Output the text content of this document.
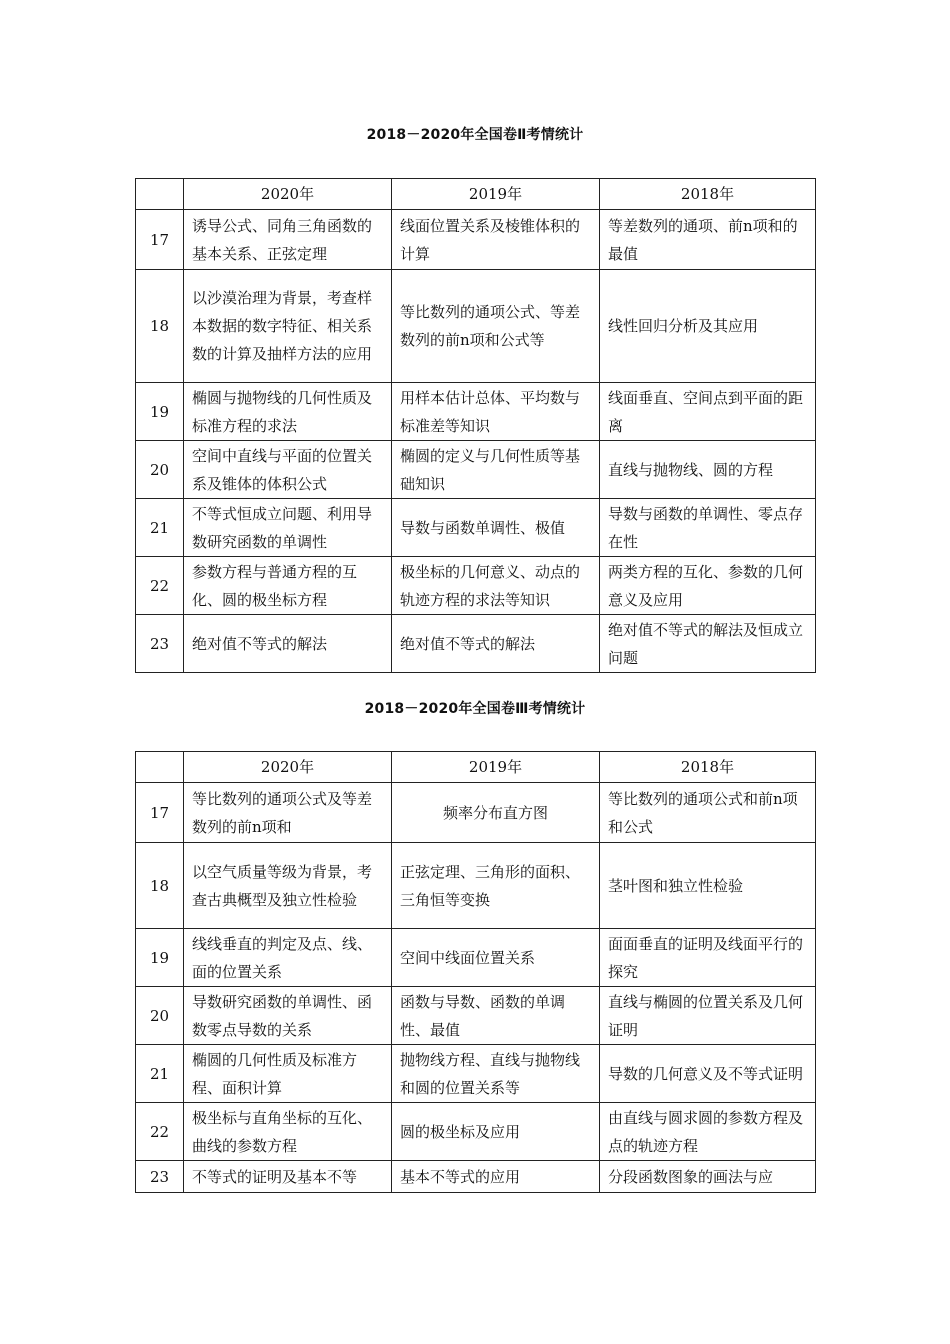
2018－2020年全国卷Ⅱ考情统计
	2020年	2019年	2018年
17	诱导公式、同角三角函数的基本关系、正弦定理	线面位置关系及棱锥体积的计算	等差数列的通项、前n项和的最值
18	以沙漠治理为背景，考查样本数据的数字特征、相关系数的计算及抽样方法的应用	等比数列的通项公式、等差数列的前n项和公式等	线性回归分析及其应用
19	椭圆与抛物线的几何性质及标准方程的求法	用样本估计总体、平均数与标准差等知识	线面垂直、空间点到平面的距离
20	空间中直线与平面的位置关系及锥体的体积公式	椭圆的定义与几何性质等基础知识	直线与抛物线、圆的方程
21	不等式恒成立问题、利用导数研究函数的单调性	导数与函数单调性、极值	导数与函数的单调性、零点存在性
22	参数方程与普通方程的互化、圆的极坐标方程	极坐标的几何意义、动点的轨迹方程的求法等知识	两类方程的互化、参数的几何意义及应用
23	绝对值不等式的解法	绝对值不等式的解法	绝对值不等式的解法及恒成立问题
2018－2020年全国卷Ⅲ考情统计
	2020年	2019年	2018年
17	等比数列的通项公式及等差数列的前n项和	频率分布直方图	等比数列的通项公式和前n项和公式
18	以空气质量等级为背景，考查古典概型及独立性检验	正弦定理、三角形的面积、三角恒等变换	茎叶图和独立性检验
19	线线垂直的判定及点、线、面的位置关系	空间中线面位置关系	面面垂直的证明及线面平行的探究
20	导数研究函数的单调性、函数零点导数的关系	函数与导数、函数的单调性、最值	直线与椭圆的位置关系及几何证明
21	椭圆的几何性质及标准方程、面积计算	抛物线方程、直线与抛物线和圆的位置关系等	导数的几何意义及不等式证明
22	极坐标与直角坐标的互化、曲线的参数方程	圆的极坐标及应用	由直线与圆求圆的参数方程及点的轨迹方程
23	不等式的证明及基本不等	基本不等式的应用	分段函数图象的画法与应
